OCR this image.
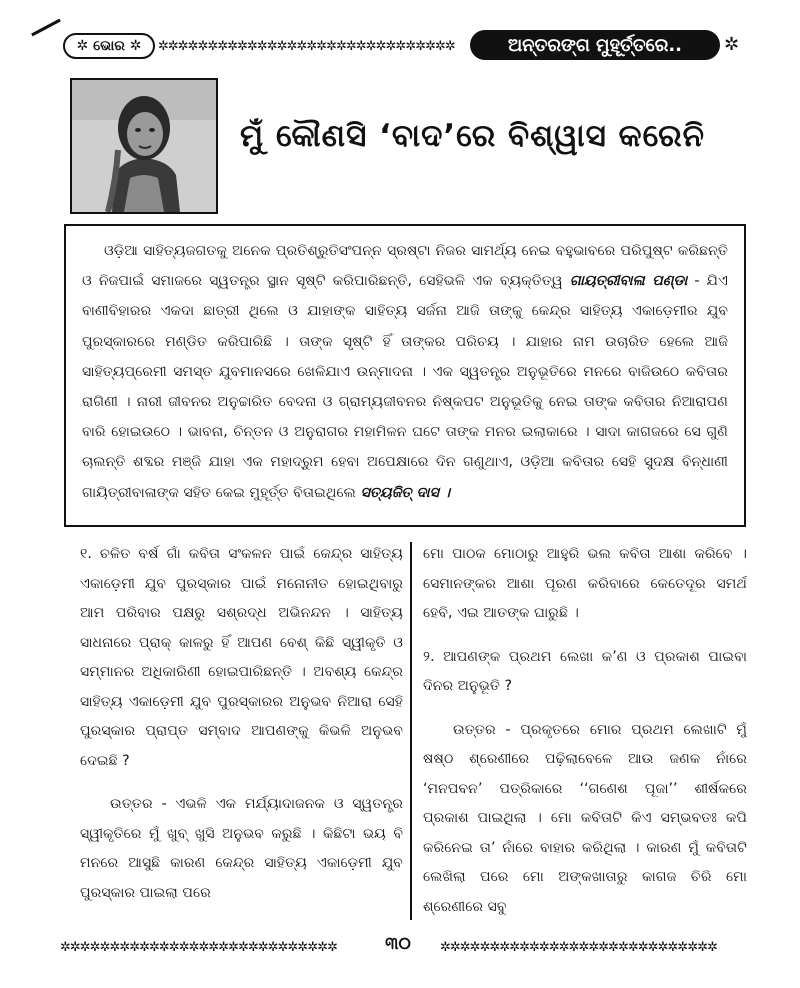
✲ ଭୋର ✲	✲✲✲✲✲✲✲✲✲✲✲✲✲✲✲✲✲✲✲✲✲✲✲✲✲✲✲✲✲✲	ଅନ୍ତରଙ୍ଗ ମୁହୂର୍ତ୍ତରେ..	✲
ମୁଁ କୌଣସି ‘ବାଦ’ରେ ବିଶ୍ୱାସ କରେନି

ଓଡ଼ିଆ ସାହିତ୍ୟଜଗତକୁ ଅନେକ ପ୍ରତିଶ୍ରୁତିସଂପନ୍ନ ସ୍ରଷ୍ଟା ନିଜର ସାମର୍ଥ୍ୟ ନେଇ ବହୁଭାବରେ ପରିପୁଷ୍ଟ କରିଛନ୍ତି ଓ ନିଜପାଇଁ ସମାଜରେ ସ୍ୱତନ୍ତ୍ର ସ୍ଥାନ ସୃଷ୍ଟି କରିପାରିଛନ୍ତି, ସେହିଭଳି ଏକ ବ୍ୟକ୍ତିତ୍ୱ ଗାୟତ୍ରୀବାଳା ପଣ୍ଡା - ଯିଏ ବାଣୀବିହାରର ଏକଦା ଛାତ୍ରୀ ଥିଲେ ଓ ଯାହାଙ୍କ ସାହିତ୍ୟ ସର୍ଜନା ଆଜି ତାଙ୍କୁ କେନ୍ଦ୍ର ସାହିତ୍ୟ ଏକାଡ଼େମୀର ଯୁବ ପୁରସ୍କାରରେ ମଣ୍ଡିତ କରିପାରିଛି । ତାଙ୍କ ସୃଷ୍ଟି ହିଁ ତାଙ୍କର ପରିଚୟ । ଯାହାର ନାମ ଉଚାରିତ ହେଲେ ଆଜି ସାହିତ୍ୟପ୍ରେମୀ ସମସ୍ତ ଯୁବମାନସରେ ଖେଳିଯାଏ ଉନ୍ମାଦନା । ଏକ ସ୍ୱତନ୍ତ୍ର ଅନୁଭୂତିରେ ମନରେ ବାଜିଉଠେ କବିତାର ରାଗିଣୀ । ନାରୀ ଜୀବନର ଅନୁଚ୍ଚାରିତ ବେଦନା ଓ ଗ୍ରାମ୍ୟଜୀବନର ନିଷ୍କପଟ ଅନୁଭୂତିକୁ ନେଇ ତାଙ୍କ କବିତାର ନିଆରାପଣ ବାରି ହୋଇଉଠେ । ଭାବନା, ଚିନ୍ତନ ଓ ଅନୁରାଗର ମହାମିଳନ ଘଟେ ତାଙ୍କ ମନର ଇଲାକାରେ । ସାଦା କାଗଜରେ ସେ ଗୁଣି ଚାଲନ୍ତି ଶବ୍ଦର ମଞ୍ଜି ଯାହା ଏକ ମହାଦ୍ରୁମ ହେବା ଅପେକ୍ଷାରେ ଦିନ ଗଣୁଥାଏ, ଓଡ଼ିଆ କବିତାର ସେହି ସୁଦକ୍ଷ ବିନ୍ଧାଣୀ ଗାୟିତ୍ରୀବାଳାଙ୍କ ସହିତ କେଇ ମୁହୂର୍ତ୍ତ ବିତାଇଥିଲେ ସତ୍ୟଜିତ୍ ଦାସ ।

୧. ଚଳିତ ବର୍ଷ ଗାଁ କବିତା ସଂକଳନ ପାଇଁ କେନ୍ଦ୍ର ସାହିତ୍ୟ ଏକାଡ଼େମୀ ଯୁବ ପୁରସ୍କାର ପାଇଁ ମନୋନୀତ ହୋଇଥିବାରୁ ଆମ ପରିବାର ପକ୍ଷରୁ ସଶ୍ରଦ୍ଧ ଅଭିନନ୍ଦନ । ସାହିତ୍ୟ ସାଧନାରେ ପ୍ରାକ୍ କାଳରୁ ହିଁ ଆପଣ ବେଶ୍ କିଛି ସ୍ୱୀକୃତି ଓ ସମ୍ମାନର ଅଧିକାରିଣୀ ହୋଇପାରିଛନ୍ତି । ଅବଶ୍ୟ କେନ୍ଦ୍ର ସାହିତ୍ୟ ଏକାଡ଼େମୀ ଯୁବ ପୁରସ୍କାରର ଅନୁଭବ ନିଆରା ସେହି ପୁରସ୍କାର ପ୍ରାପ୍ତ ସମ୍ବାଦ ଆପଣଙ୍କୁ କିଭଳି ଅନୁଭବ ଦେଇଛି ?

ଉତ୍ତର - ଏଭଳି ଏକ ମର୍ଯ୍ୟାଦାଜନକ ଓ ସ୍ୱତନ୍ତ୍ର ସ୍ୱୀକୃତିରେ ମୁଁ ଖୁବ୍ ଖୁସି ଅନୁଭବ କରୁଛି । କିଛିଟା ଭୟ ବି ମନରେ ଆସୁଛି କାରଣ କେନ୍ଦ୍ର ସାହିତ୍ୟ ଏକାଡ଼େମୀ ଯୁବ ପୁରସ୍କାର ପାଇଲା ପରେ

ମୋ ପାଠକ ମୋଠାରୁ ଆହୁରି ଭଲ କବିତା ଆଶା କରିବେ । ସେମାନଙ୍କର ଆଶା ପୂରଣ କରିବାରେ କେତେଦୂର ସମର୍ଥ ହେବି, ଏଇ ଆତଙ୍କ ଘାରୁଛି ।

୨. ଆପଣଙ୍କ ପ୍ରଥମ ଲେଖା କ’ଣ ଓ ପ୍ରକାଶ ପାଇବା ଦିନର ଅନୁଭୂତି ?

ଉତ୍ତର - ପ୍ରକୃତରେ ମୋର ପ୍ରଥମ ଲେଖାଟି ମୁଁ ଷଷ୍ଠ ଶ୍ରେଣୀରେ ପଢ଼ିଲାବେଳେ ଆଉ ଜଣକ ନାଁରେ ‘ମନପବନ’ ପତ୍ରିକାରେ ‘‘ଗଣେଶ ପୂଜା’’ ଶୀର୍ଷକରେ ପ୍ରକାଶ ପାଇଥିଲା । ମୋ କବିତାଟି କିଏ ସମ୍ଭବତଃ କପି କରିନେଇ ତା’ ନାଁରେ ବାହାର କରିଥିଲା । କାରଣ ମୁଁ କବିତାଟି ଲେଖିଲା ପରେ ମୋ ଅଙ୍କଖାତାରୁ କାଗଜ ଚିରି ମୋ ଶ୍ରେଣୀରେ ସବୁ

✲✲✲✲✲✲✲✲✲✲✲✲✲✲✲✲✲✲✲✲✲✲✲✲✲✲✲✲	୩୦	✲✲✲✲✲✲✲✲✲✲✲✲✲✲✲✲✲✲✲✲✲✲✲✲✲✲✲✲
